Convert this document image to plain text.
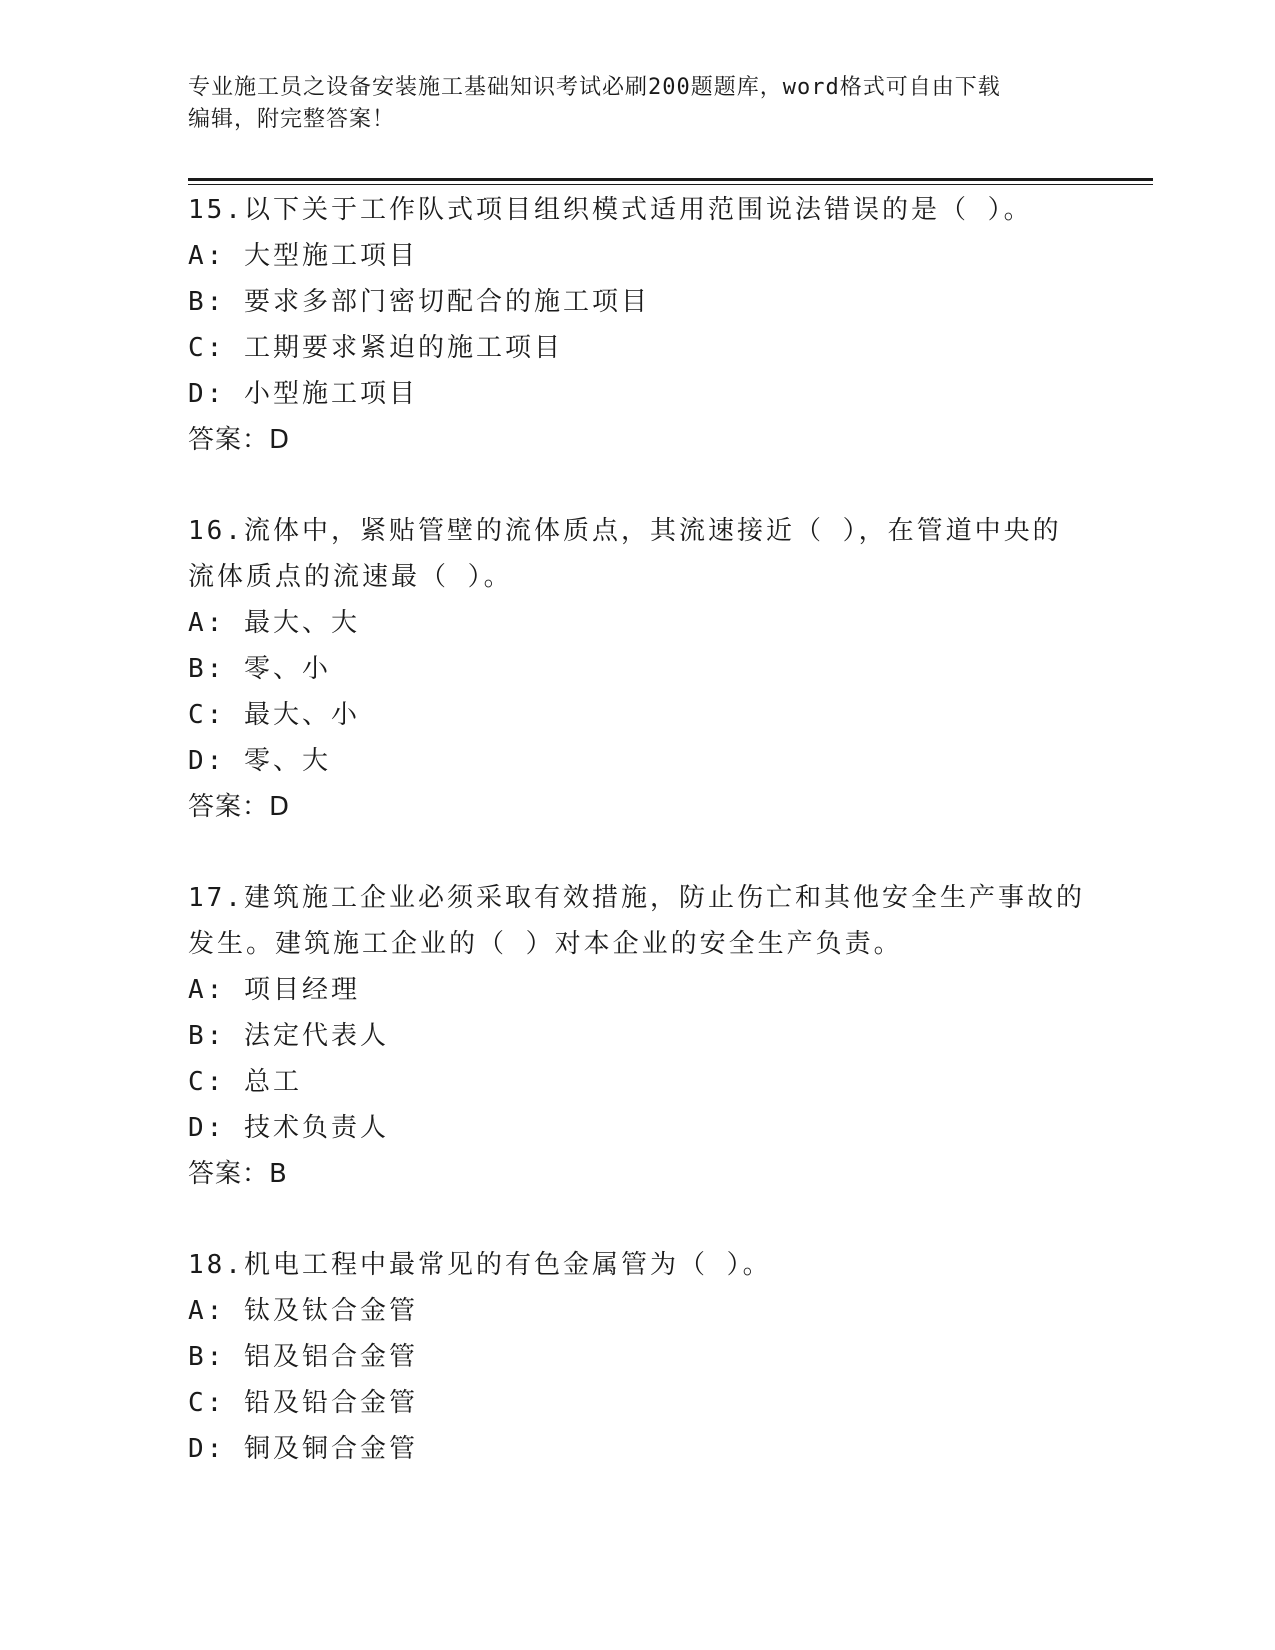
专业施工员之设备安装施工基础知识考试必刷200题题库，word格式可自由下载
编辑，附完整答案！
15.以下关于工作队式项目组织模式适用范围说法错误的是（ ）。
A: 大型施工项目
B: 要求多部门密切配合的施工项目
C: 工期要求紧迫的施工项目
D: 小型施工项目
答案：D
16.流体中，紧贴管壁的流体质点，其流速接近（ ），在管道中央的
流体质点的流速最（ ）。
A: 最大、大
B: 零、小
C: 最大、小
D: 零、大
答案：D
17.建筑施工企业必须采取有效措施，防止伤亡和其他安全生产事故的
发生。建筑施工企业的（ ）对本企业的安全生产负责。
A: 项目经理
B: 法定代表人
C: 总工
D: 技术负责人
答案：B
18.机电工程中最常见的有色金属管为（ ）。
A: 钛及钛合金管
B: 铝及铝合金管
C: 铅及铅合金管
D: 铜及铜合金管
